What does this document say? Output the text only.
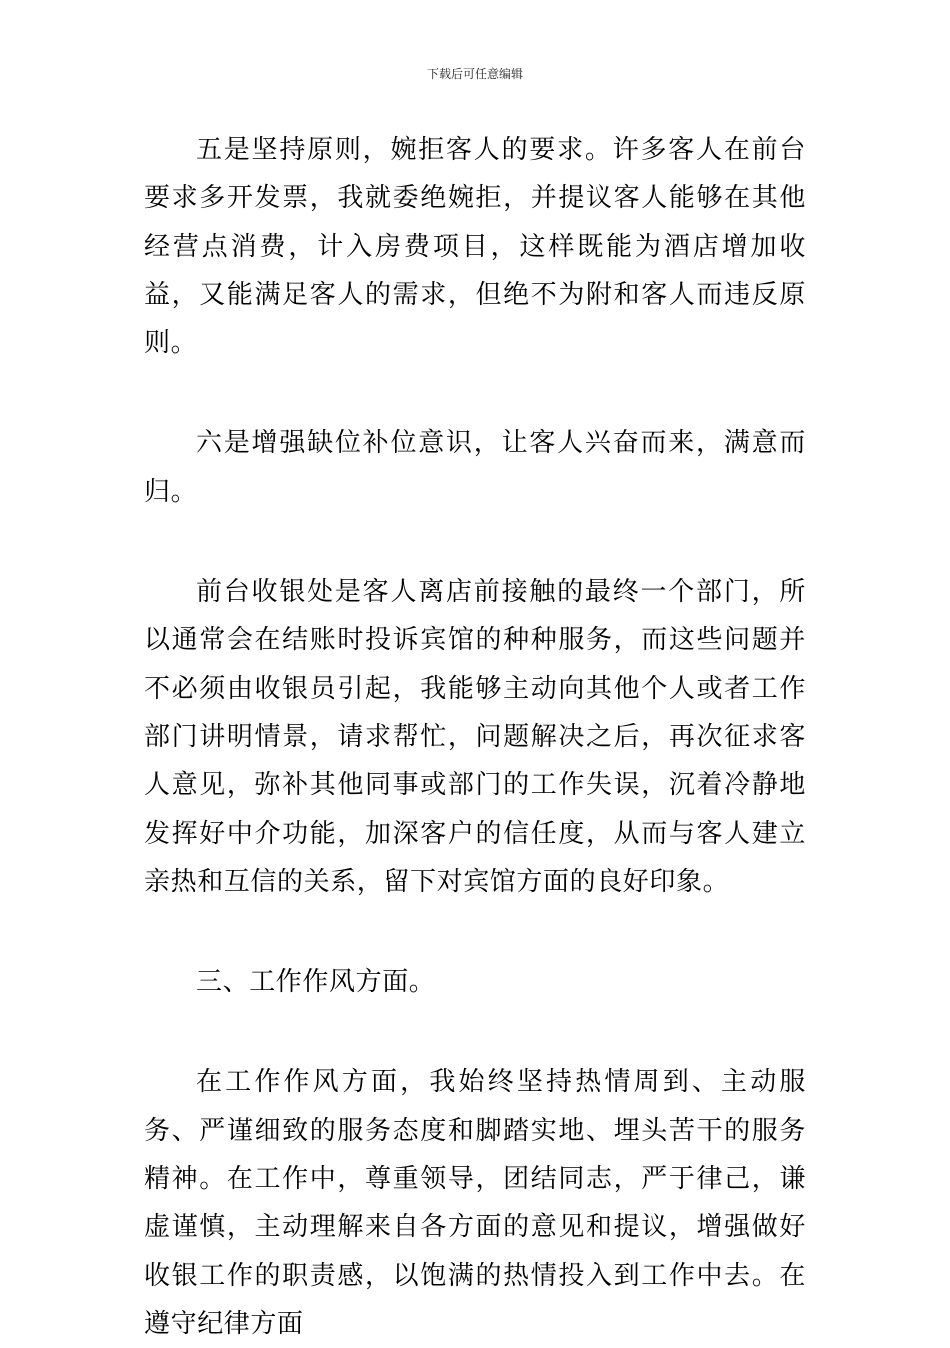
下载后可任意编辑

五是坚持原则，婉拒客人的要求。许多客人在前台要求多开发票，我就委绝婉拒，并提议客人能够在其他经营点消费，计入房费项目，这样既能为酒店增加收益，又能满足客人的需求，但绝不为附和客人而违反原则。

六是增强缺位补位意识，让客人兴奋而来，满意而归。

前台收银处是客人离店前接触的最终一个部门，所以通常会在结账时投诉宾馆的种种服务，而这些问题并不必须由收银员引起，我能够主动向其他个人或者工作部门讲明情景，请求帮忙，问题解决之后，再次征求客人意见，弥补其他同事或部门的工作失误，沉着冷静地发挥好中介功能，加深客户的信任度，从而与客人建立亲热和互信的关系，留下对宾馆方面的良好印象。

三、工作作风方面。

在工作作风方面，我始终坚持热情周到、主动服务、严谨细致的服务态度和脚踏实地、埋头苦干的服务精神。在工作中，尊重领导，团结同志，严于律己，谦虚谨慎，主动理解来自各方面的意见和提议，增强做好收银工作的职责感，以饱满的热情投入到工作中去。在遵守纪律方面
